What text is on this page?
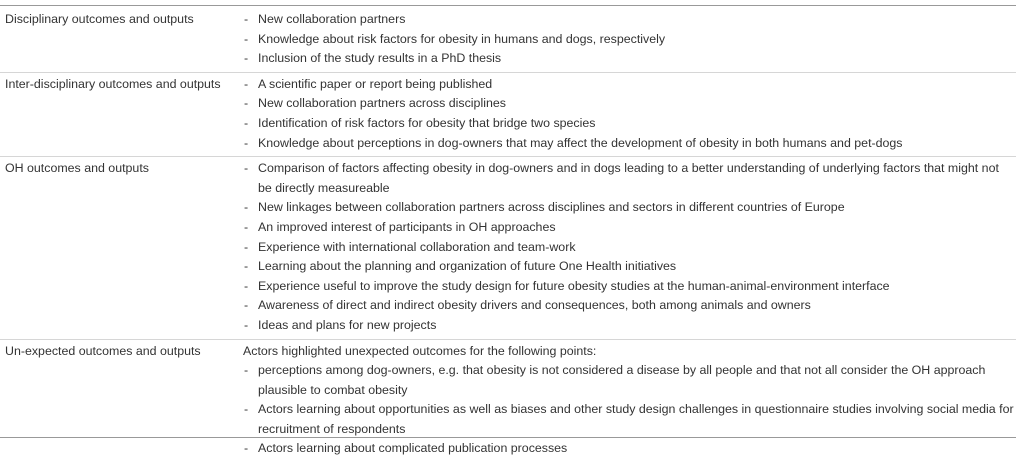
Disciplinary outcomes and outputs	- New collaboration partners
- Knowledge about risk factors for obesity in humans and dogs, respectively
- Inclusion of the study results in a PhD thesis
Inter-disciplinary outcomes and outputs	- A scientific paper or report being published
- New collaboration partners across disciplines
- Identification of risk factors for obesity that bridge two species
- Knowledge about perceptions in dog-owners that may affect the development of obesity in both humans and pet-dogs
OH outcomes and outputs	- Comparison of factors affecting obesity in dog-owners and in dogs leading to a better understanding of underlying factors that might not be directly measureable
- New linkages between collaboration partners across disciplines and sectors in different countries of Europe
- An improved interest of participants in OH approaches
- Experience with international collaboration and team-work
- Learning about the planning and organization of future One Health initiatives
- Experience useful to improve the study design for future obesity studies at the human-animal-environment interface
- Awareness of direct and indirect obesity drivers and consequences, both among animals and owners
- Ideas and plans for new projects
Un-expected outcomes and outputs	Actors highlighted unexpected outcomes for the following points:
- perceptions among dog-owners, e.g. that obesity is not considered a disease by all people and that not all consider the OH approach plausible to combat obesity
- Actors learning about opportunities as well as biases and other study design challenges in questionnaire studies involving social media for recruitment of respondents
- Actors learning about complicated publication processes
